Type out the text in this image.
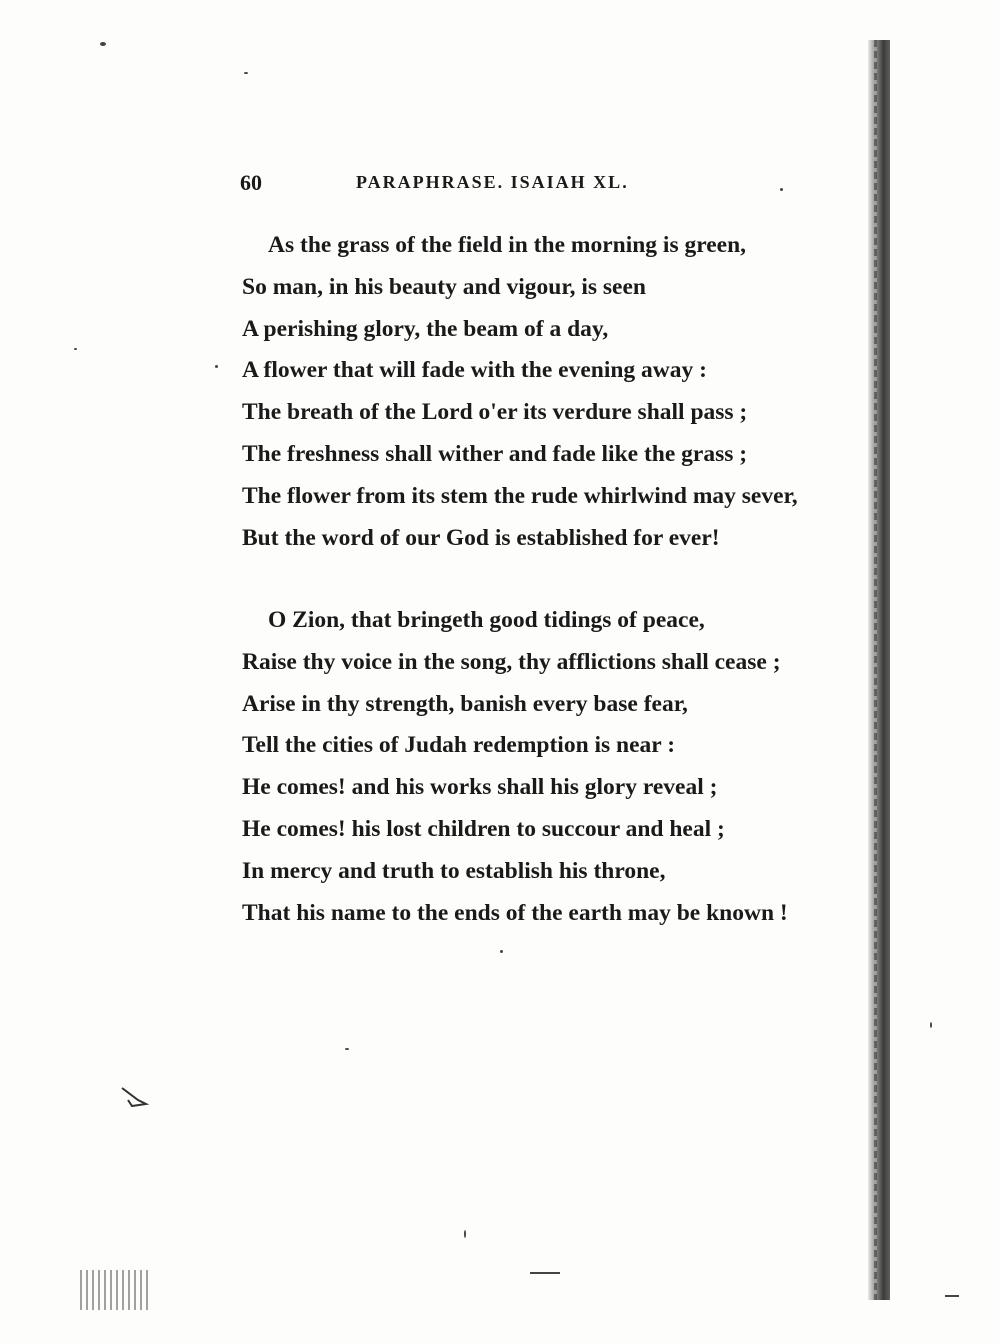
60	PARAPHRASE. ISAIAH XL.
As the grass of the field in the morning is green,
So man, in his beauty and vigour, is seen
A perishing glory, the beam of a day,
A flower that will fade with the evening away :
The breath of the Lord o'er its verdure shall pass ;
The freshness shall wither and fade like the grass ;
The flower from its stem the rude whirlwind may sever,
But the word of our God is established for ever!
O Zion, that bringeth good tidings of peace,
Raise thy voice in the song, thy afflictions shall cease ;
Arise in thy strength, banish every base fear,
Tell the cities of Judah redemption is near :
He comes! and his works shall his glory reveal ;
He comes! his lost children to succour and heal ;
In mercy and truth to establish his throne,
That his name to the ends of the earth may be known !
